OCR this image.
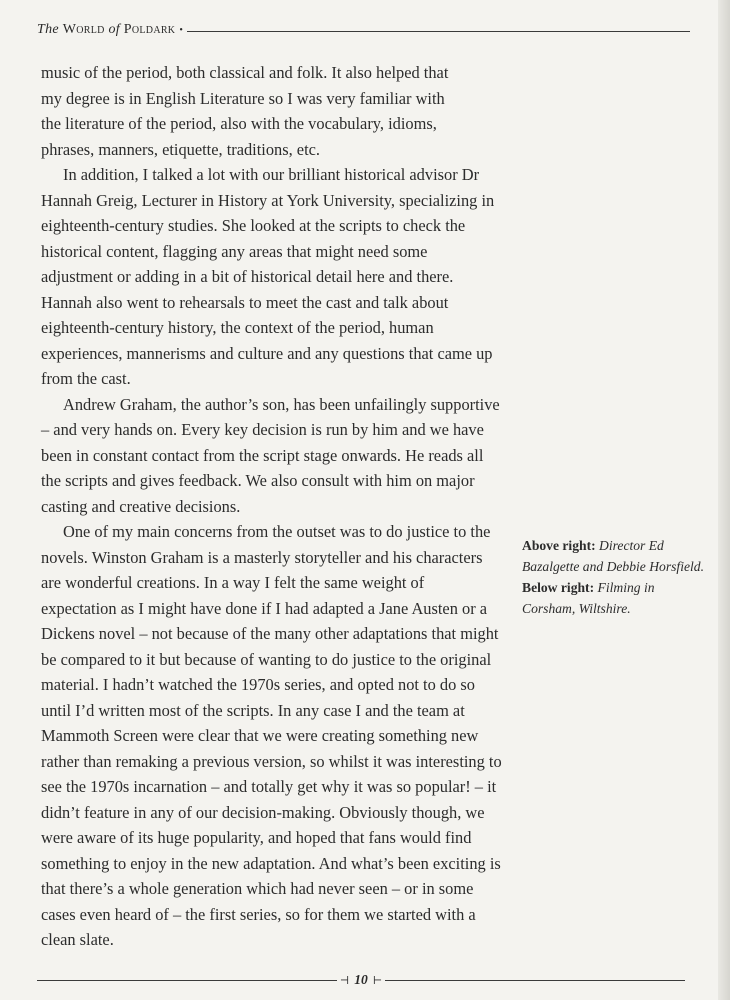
The World of Poldark •

music of the period, both classical and folk. It also helped that

my degree is in English Literature so I was very familiar with

the literature of the period, also with the vocabulary, idioms,

phrases, manners, etiquette, traditions, etc.

In addition, I talked a lot with our brilliant historical advisor Dr Hannah Greig, Lecturer in History at York University, specializing in eighteenth-century studies. She looked at the scripts to check the historical content, flagging any areas that might need some adjustment or adding in a bit of historical detail here and there. Hannah also went to rehearsals to meet the cast and talk about eighteenth-century history, the context of the period, human experiences, mannerisms and culture and any questions that came up from the cast.

Andrew Graham, the author’s son, has been unfailingly supportive – and very hands on. Every key decision is run by him and we have been in constant contact from the script stage onwards. He reads all the scripts and gives feedback. We also consult with him on major casting and creative decisions.

One of my main concerns from the outset was to do justice to the novels. Winston Graham is a masterly storyteller and his characters are wonderful creations. In a way I felt the same weight of expectation as I might have done if I had adapted a Jane Austen or a Dickens novel – not because of the many other adaptations that might be compared to it but because of wanting to do justice to the original material. I hadn’t watched the 1970s series, and opted not to do so until I’d written most of the scripts. In any case I and the team at Mammoth Screen were clear that we were creating something new rather than remaking a previous version, so whilst it was interesting to see the 1970s incarnation – and totally get why it was so popular! – it didn’t feature in any of our decision-making. Obviously though, we were aware of its huge popularity, and hoped that fans would find something to enjoy in the new adaptation. And what’s been exciting is that there’s a whole generation which had never seen – or in some cases even heard of – the first series, so for them we started with a clean slate.

Above right: Director Ed Bazalgette and Debbie Horsfield.

Below right: Filming in Corsham, Wiltshire.

⊣ 10 ⊢
